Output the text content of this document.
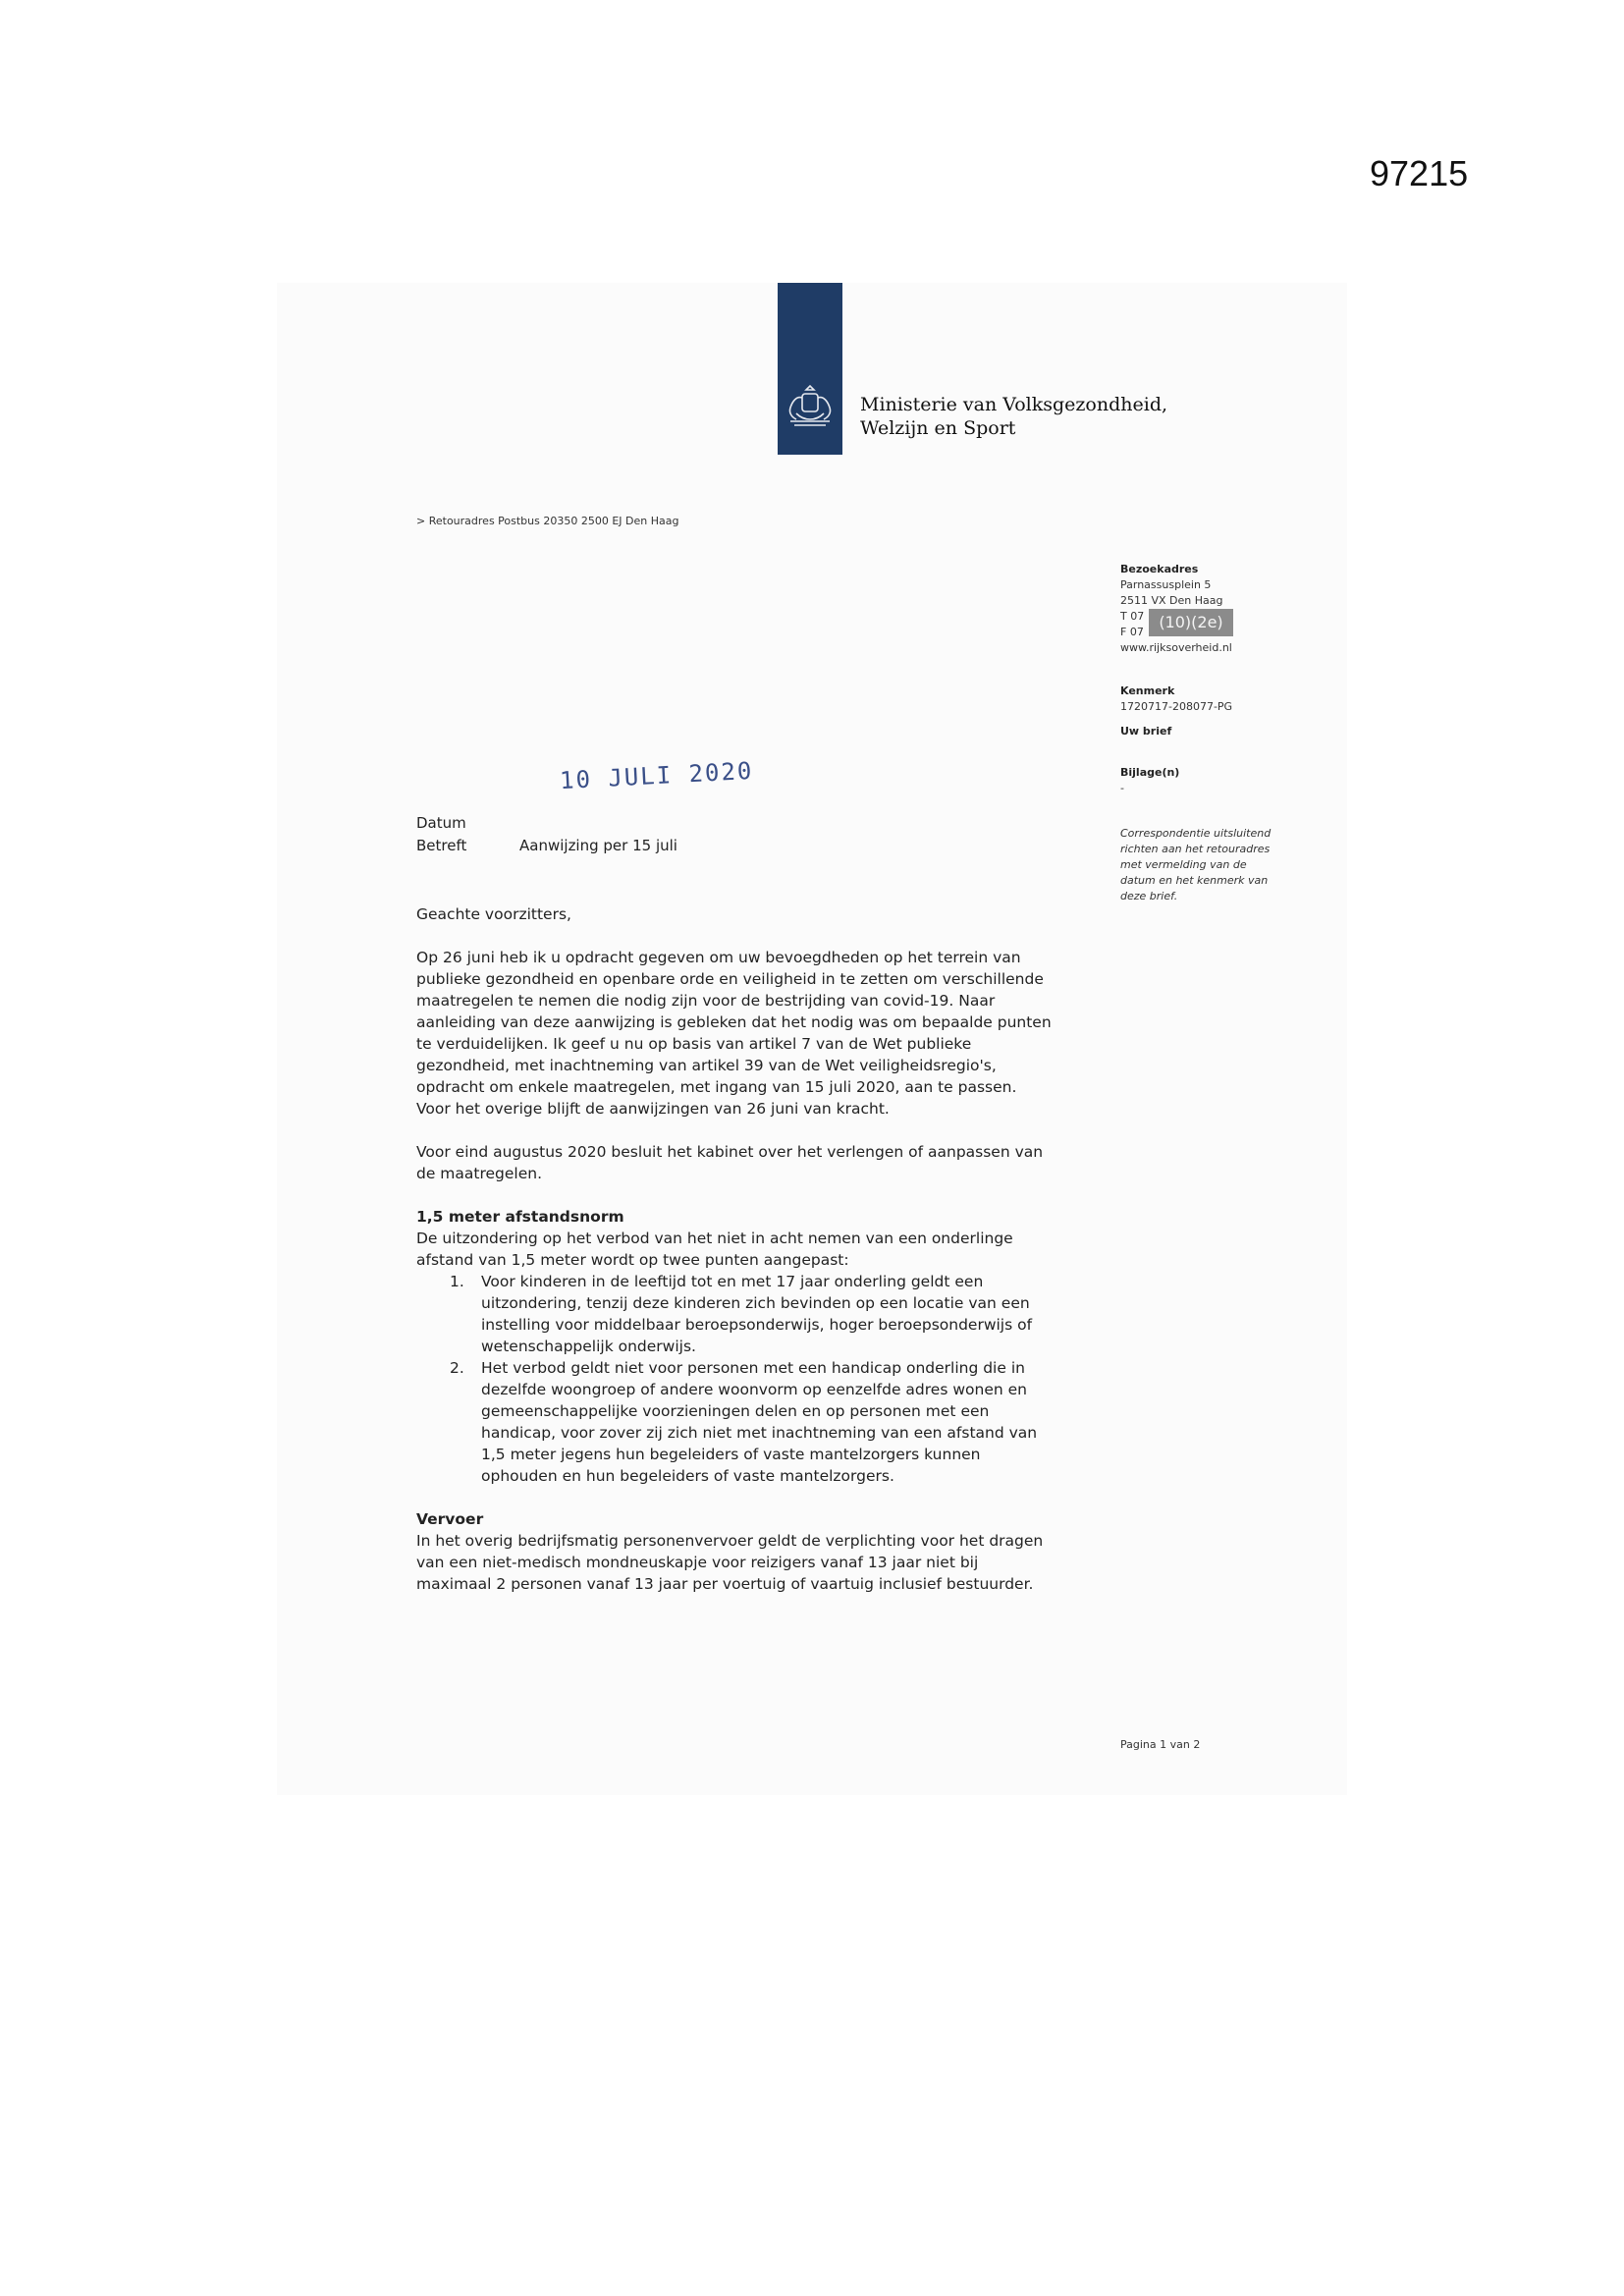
97215
Ministerie van Volksgezondheid,
Welzijn en Sport
> Retouradres Postbus 20350 2500 EJ Den Haag
Bezoekadres
Parnassusplein 5
2511 VX Den Haag
T 07
F 07
www.rijksoverheid.nl
(10)(2e)
Kenmerk
1720717-208077-PG
Uw brief
Bijlage(n)
-
Correspondentie uitsluitend
richten aan het retouradres
met vermelding van de
datum en het kenmerk van
deze brief.
10 JULI 2020
Datum
Betreft	Aanwijzing per 15 juli

Geachte voorzitters,

Op 26 juni heb ik u opdracht gegeven om uw bevoegdheden op het terrein van
publieke gezondheid en openbare orde en veiligheid in te zetten om verschillende
maatregelen te nemen die nodig zijn voor de bestrijding van covid-19. Naar
aanleiding van deze aanwijzing is gebleken dat het nodig was om bepaalde punten
te verduidelijken. Ik geef u nu op basis van artikel 7 van de Wet publieke
gezondheid, met inachtneming van artikel 39 van de Wet veiligheidsregio's,
opdracht om enkele maatregelen, met ingang van 15 juli 2020, aan te passen.
Voor het overige blijft de aanwijzingen van 26 juni van kracht.

Voor eind augustus 2020 besluit het kabinet over het verlengen of aanpassen van
de maatregelen.

1,5 meter afstandsnorm
De uitzondering op het verbod van het niet in acht nemen van een onderlinge
afstand van 1,5 meter wordt op twee punten aangepast:
1. Voor kinderen in de leeftijd tot en met 17 jaar onderling geldt een
uitzondering, tenzij deze kinderen zich bevinden op een locatie van een
instelling voor middelbaar beroepsonderwijs, hoger beroepsonderwijs of
wetenschappelijk onderwijs.
2. Het verbod geldt niet voor personen met een handicap onderling die in
dezelfde woongroep of andere woonvorm op eenzelfde adres wonen en
gemeenschappelijke voorzieningen delen en op personen met een
handicap, voor zover zij zich niet met inachtneming van een afstand van
1,5 meter jegens hun begeleiders of vaste mantelzorgers kunnen
ophouden en hun begeleiders of vaste mantelzorgers.
Vervoer
In het overig bedrijfsmatig personenvervoer geldt de verplichting voor het dragen
van een niet-medisch mondneuskapje voor reizigers vanaf 13 jaar niet bij
maximaal 2 personen vanaf 13 jaar per voertuig of vaartuig inclusief bestuurder.
Pagina 1 van 2
